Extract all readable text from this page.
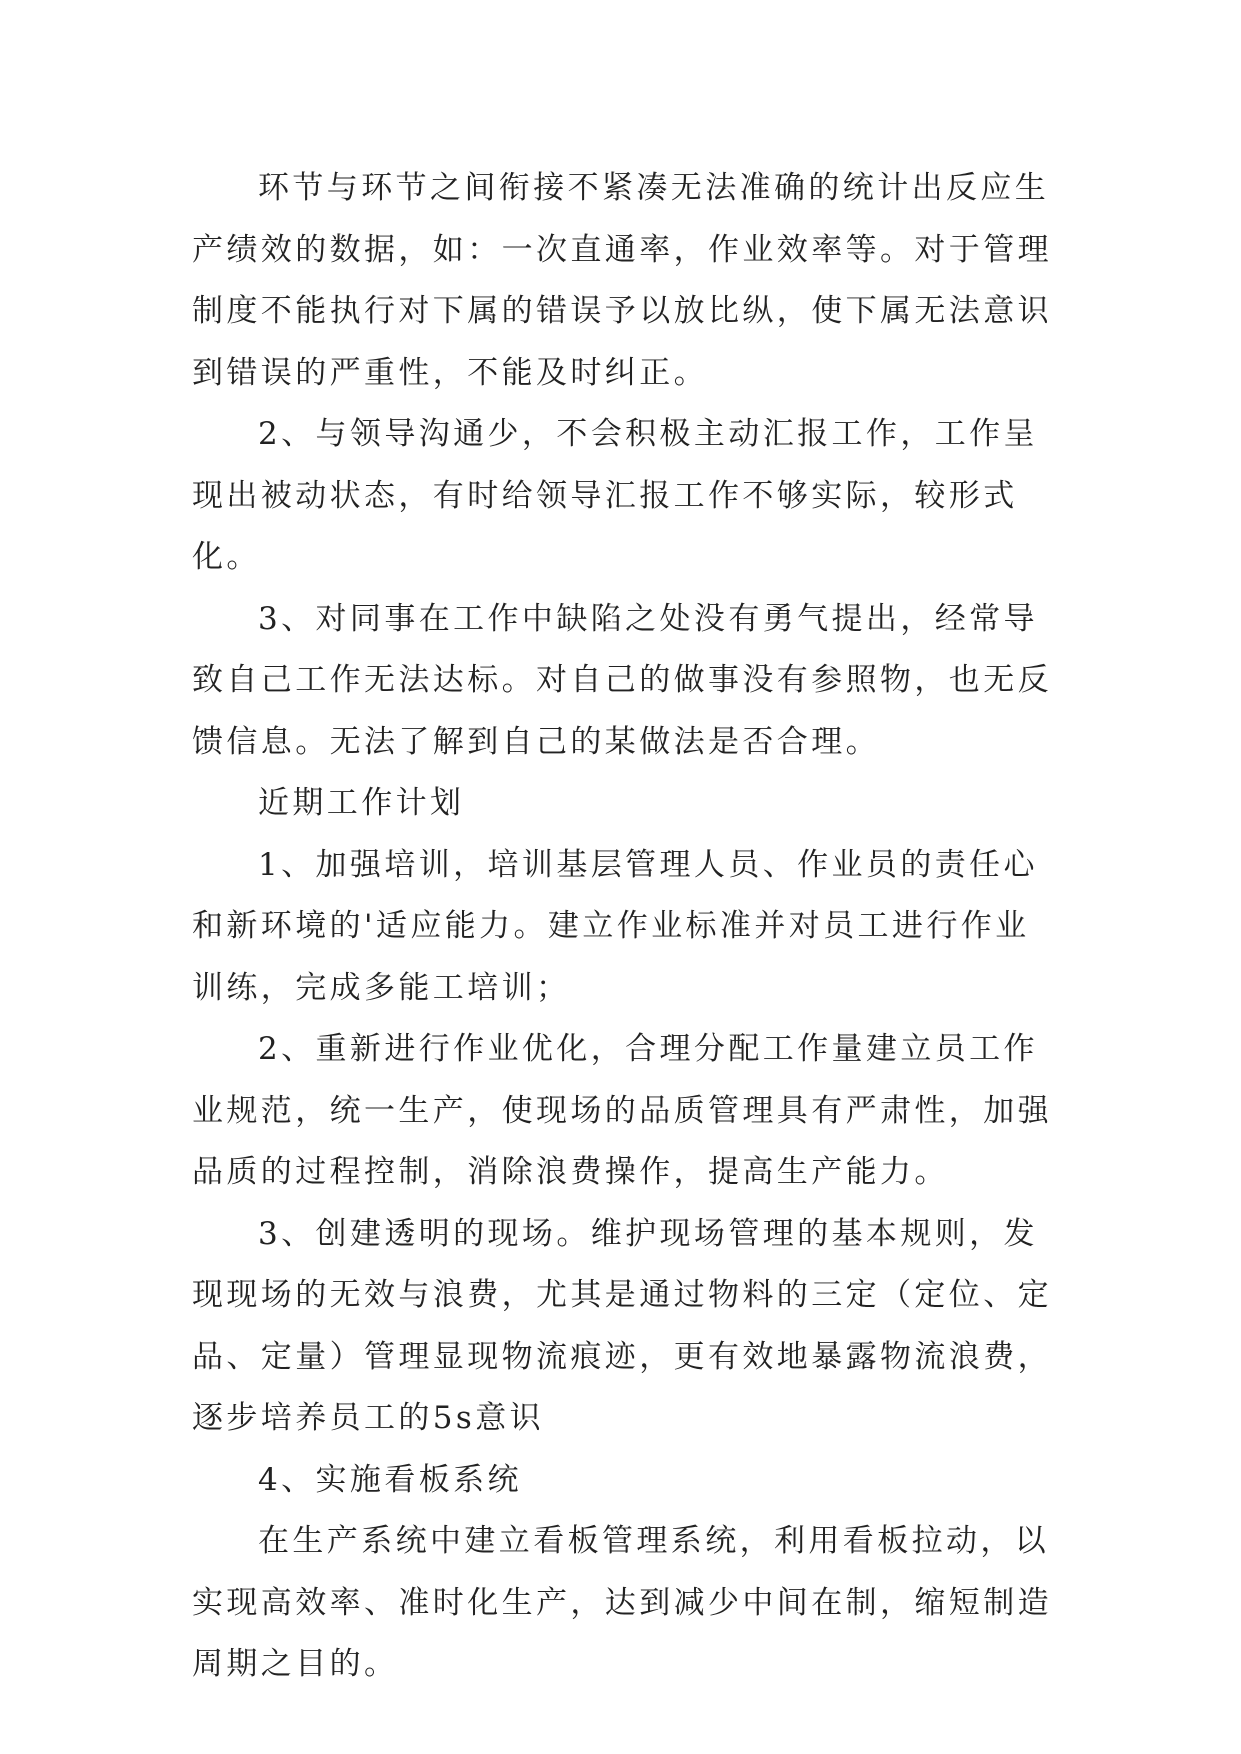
环节与环节之间衔接不紧凑无法准确的统计出反应生产绩效的数据，如：一次直通率，作业效率等。对于管理制度不能执行对下属的错误予以放比纵，使下属无法意识到错误的严重性，不能及时纠正。

2、与领导沟通少，不会积极主动汇报工作，工作呈现出被动状态，有时给领导汇报工作不够实际，较形式化。

3、对同事在工作中缺陷之处没有勇气提出，经常导致自己工作无法达标。对自己的做事没有参照物，也无反馈信息。无法了解到自己的某做法是否合理。

近期工作计划

1、加强培训，培训基层管理人员、作业员的责任心和新环境的'适应能力。建立作业标准并对员工进行作业训练，完成多能工培训；

2、重新进行作业优化，合理分配工作量建立员工作业规范，统一生产，使现场的品质管理具有严肃性，加强品质的过程控制，消除浪费操作，提高生产能力。

3、创建透明的现场。维护现场管理的基本规则，发现现场的无效与浪费，尤其是通过物料的三定（定位、定品、定量）管理显现物流痕迹，更有效地暴露物流浪费，逐步培养员工的5s意识

4、实施看板系统

在生产系统中建立看板管理系统，利用看板拉动，以实现高效率、准时化生产，达到减少中间在制，缩短制造周期之目的。
